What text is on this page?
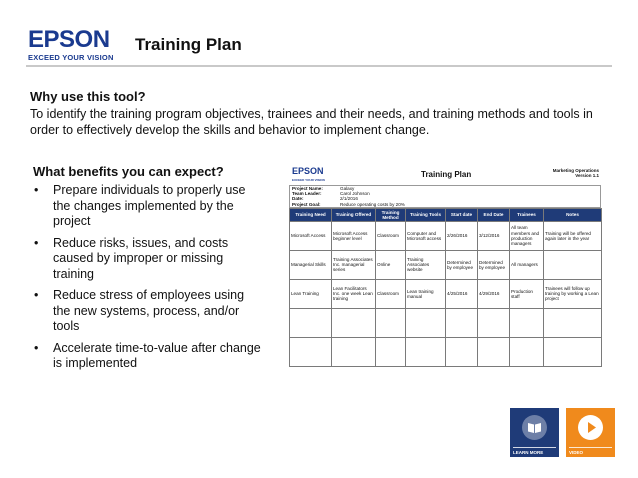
EPSON
EXCEED YOUR VISION
Training Plan
Why use this tool?
To identify the training program objectives, trainees and their needs, and training methods and tools in order to effectively develop the skills and behavior to implement change.
What benefits you can expect?
• Prepare individuals to properly use the changes implemented by the project
• Reduce risks, issues, and costs caused by improper or missing training
• Reduce stress of employees using the new systems, process, and/or tools
• Accelerate time-to-value after change is implemented
EPSON
EXCEED YOUR VISION
Training Plan	Marketing Operations
Version 1.1
Project Name:	Galaxy
Team Leader:	Carol Johnson
Date:	2/1/2016
Project Goal:	Reduce operating costs by 20%
Training Need	Training Offered	Training Method	Training Tools	Start date	End Date	Trainees	Notes
Microsoft Access	Microsoft Access beginner level	Classroom	Computer and Microsoft access	2/26/2016	3/12/2016	All team members and production managers	Training will be offered again later in the year
Managerial Skills	Training Associates Inc. managerial series	Online	Training Associates website	Determined by employee	Determined by employee	All managers	
Lean Training	Lean Facilitators Inc. one week Lean training	Classroom	Lean training manual	4/25/2016	4/29/2016	Production staff	Trainees will follow up training by working a Lean project

LEARN MORE	VIDEO
